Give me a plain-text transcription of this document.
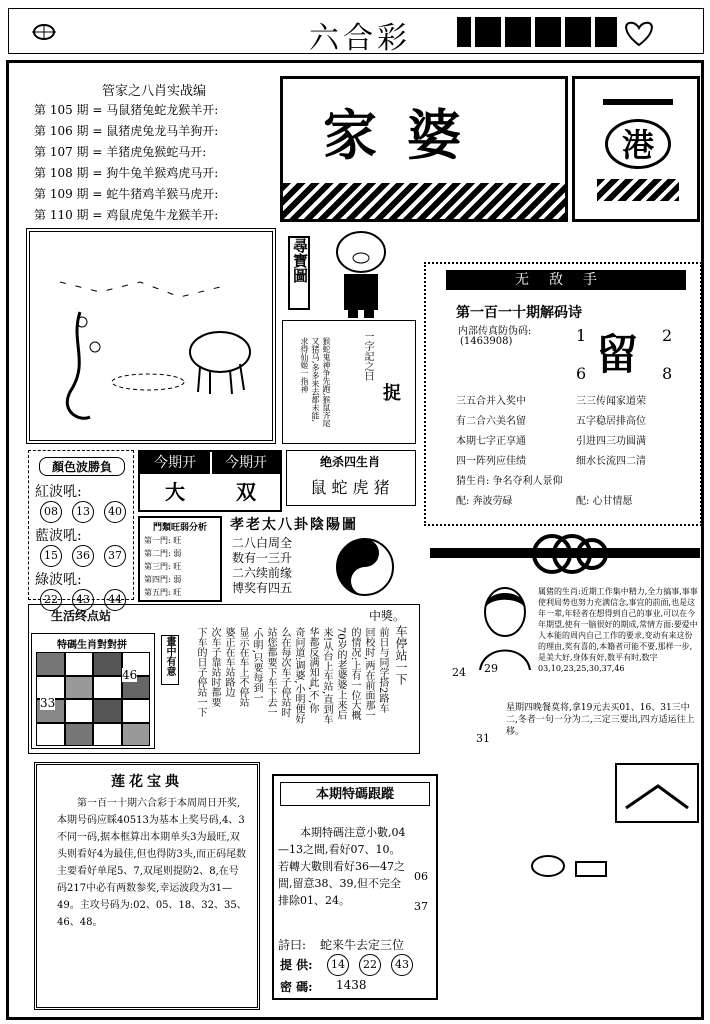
六合彩
管家之八肖实战编
第 105 期 = 马鼠猪兔蛇龙猴羊开:
第 106 期 = 鼠猪虎兔龙马羊狗开:
第 107 期 = 羊猪虎兔猴蛇马开:
第 108 期 = 狗牛兔羊猴鸡虎马开:
第 109 期 = 蛇牛猪鸡羊猴马虎开:
第 110 期 = 鸡鼠虎兔牛龙猴羊开:
家婆	港
尋寶圖
猴蛇鬼神争先跑,猴鼠齐尾又猪马,多多来去都未能,求得仙姬一指神	一字記之曰
捉
无敌手
第一百一十期解码诗
内部传真防伪码:
(1463908)	1 留 2
6	8
三五合并入奖中	三三传闻家道荣
有二合六美名留	五字稳居排高位
本期七字正享通	引进四三功圆满
四一阵列应佳绩	细水长流四二清
猜生肖: 争名夺利人景仰
配: 奔波劳碌	配: 心甘情愿
顏色波勝負
紅波吼:
08 13 40
藍波吼:
15 36 37
綠波吼:
22 43 44
今期开	今期开
大	双
绝杀四生肖
鼠 蛇 虎 猪
門類旺弱分析
第一門: 旺
第二門: 弱
第三門: 旺
第四門: 弱
第五門: 旺
孝老太八卦陰陽圖
二八白周全
数有一三升
二六续前缘
博奖有四五
生活终点站	中獎。
特碼生肖對對拼
46
33
畫中有意	车停站一下
前日与同学搭2路车
回校时,两在前面那一
的情况:上有一位大概
70岁的老婆婆上来后
来!从台上车站,直到车
华都反满知此,不,你
奇问道:调婆,小明便好
么在每次车子停站时
站您都要下车下去一
'小明,只要每到一
显示在车上不停站
婆正在车站路边
次车子靠站时都要
下车的日子停站一下
属猪的生肖:近期工作集中精力,全力搞事,事事使利局势也努力充满信念,事宜的前面,也是这年一辈,年轻者在想得到自己的事业,可以在今年期望,使有一脑很好的期成,常情方面:要爱中人本能的周内自己工作的要求,变动有来这份的理由,奖有喜的,本籍者可能不要,那样一步,是美大好,身体有好,数平有时,数字03,10,23,25,30,37,46
24 29
31
星期四晚餐莫将,拿19元去买01、16、31三中二,冬者一句一分为二,三定三要出,四方适运往上移。
莲花宝典
第一百一十期六合彩于本周周日开奖,本期号码应睬40513为基本上奖号码,4、3不同一码,据本框算出本期单头3为最旺,双头则看好4为最佳,但也得防3头,而正码尾数主要看好单尾5、7,双尾则提防2、8,在号码217中必有两数参奖,幸运波段为31—49。主攻号码为:02、05、18、32、35、46、48。
本期特碼跟蹤
本期特碼注意小數,04—13之間,看好07、10。若轉大數則看好36—47之間,留意38、39,但不完全排除01、24。
詩曰: 蛇来牛去定三位
提 供:	14 22 43
密 碼: 1438
06
37
